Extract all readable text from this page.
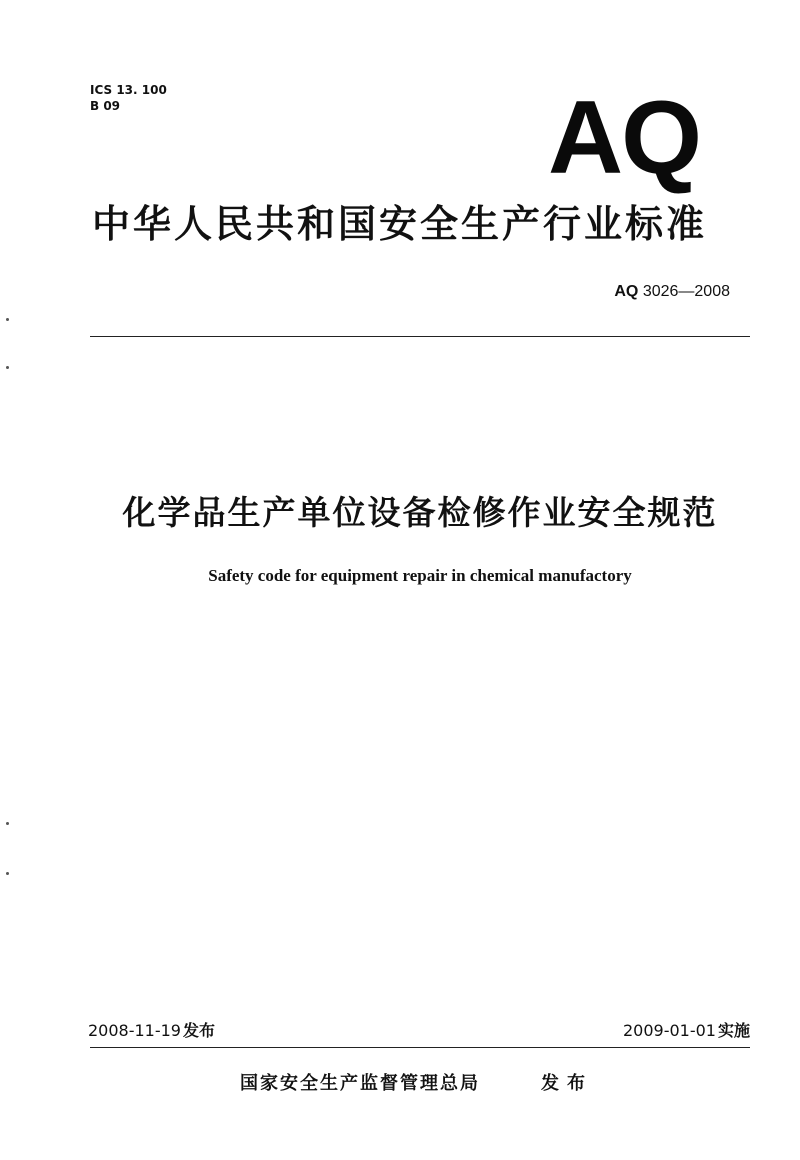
ICS 13. 100
B 09	AQ
中华人民共和国安全生产行业标准
AQ 3026—2008
化学品生产单位设备检修作业安全规范
Safety code for equipment repair in chemical manufactory
2008-11-19 发布	2009-01-01 实施
国家安全生产监督管理总局	发布
